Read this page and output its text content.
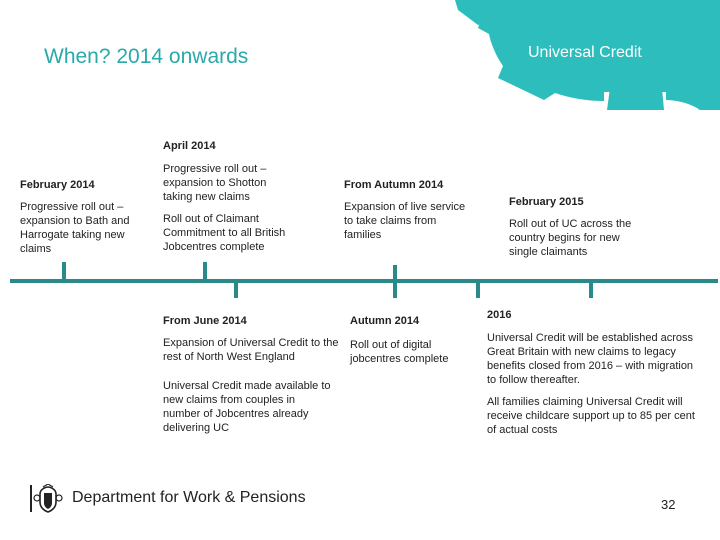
When? 2014 onwards	Universal Credit
February 2014
Progressive roll out – expansion to Bath and Harrogate taking new claims
April 2014
Progressive roll out – expansion to Shotton taking new claims
Roll out of Claimant Commitment to all British Jobcentres complete
From Autumn 2014
Expansion of live service to take claims from families
February 2015
Roll out of UC across the country begins for new single claimants
From June 2014
Expansion of Universal Credit to the rest of North West England
Universal Credit made available to new claims from couples in number of Jobcentres already delivering UC
Autumn 2014
Roll out of digital jobcentres complete
2016
Universal Credit will be established across Great Britain with new claims to legacy benefits closed from 2016 – with migration to follow thereafter.
All families claiming Universal Credit will receive childcare support up to 85 per cent of actual costs
Department for Work & Pensions	32
